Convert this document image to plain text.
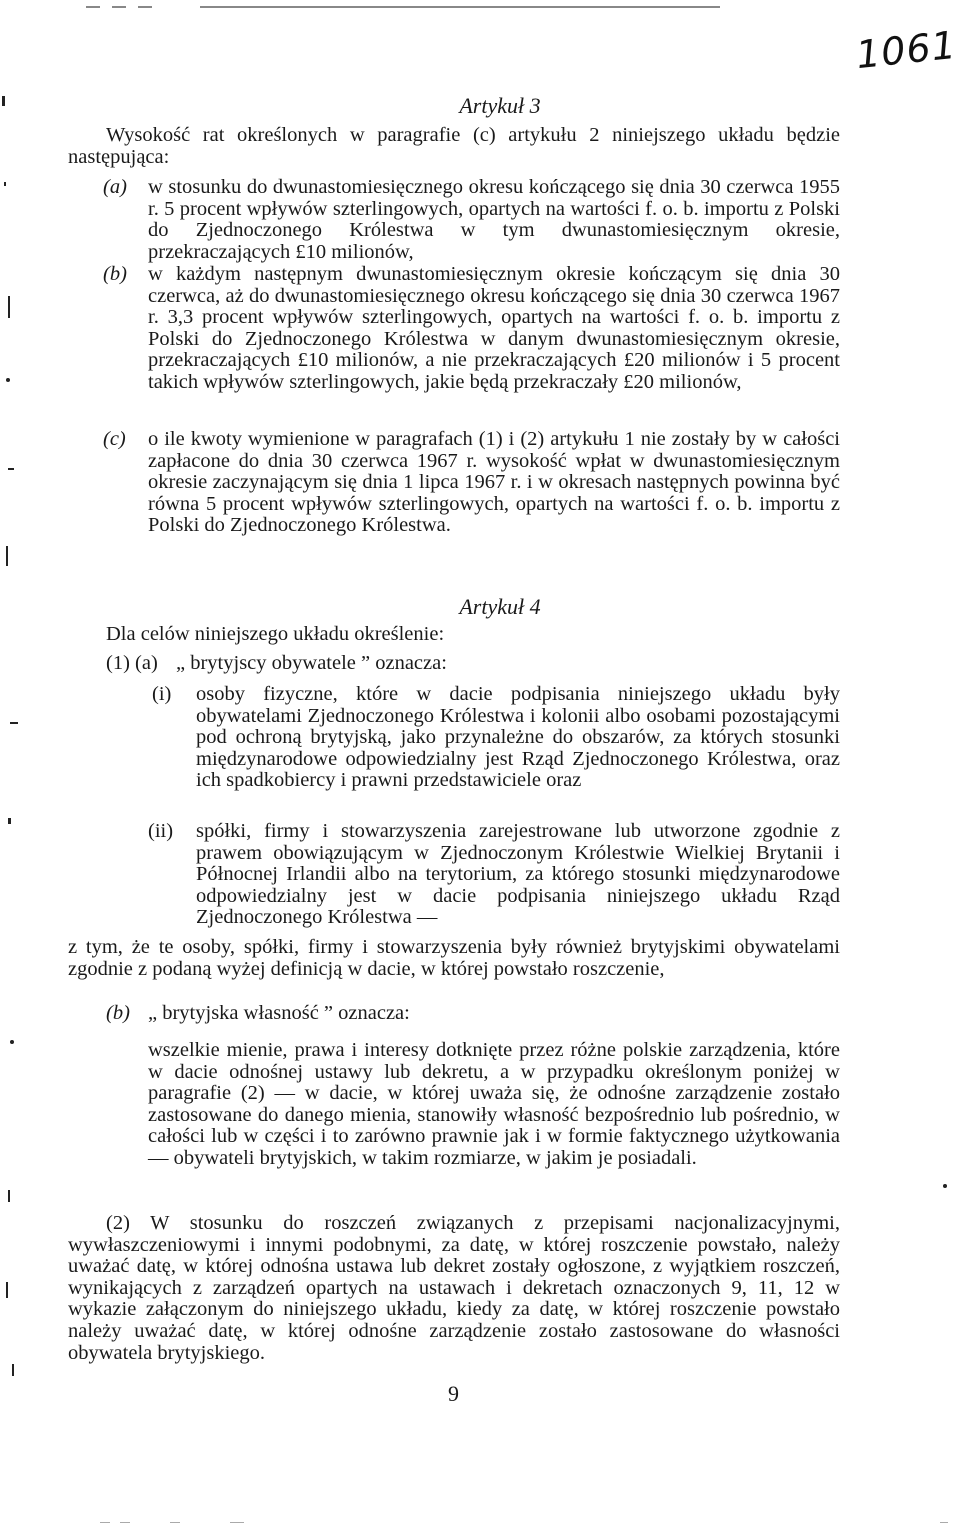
1061
Artykuł 3
Wysokość rat określonych w paragrafie (c) artykułu 2 niniejszego układu będzie następująca:
(a) w stosunku do dwunastomiesięcznego okresu kończącego się dnia 30 czerwca 1955 r. 5 procent wpływów szterlingowych, opartych na wartości f. o. b. importu z Polski do Zjednoczonego Królestwa w tym dwunastomiesięcznym okresie, przekraczających £10 milionów,
(b) w każdym następnym dwunastomiesięcznym okresie kończącym się dnia 30 czerwca, aż do dwunastomiesięcznego okresu kończącego się dnia 30 czerwca 1967 r. 3,3 procent wpływów szterlingowych, opartych na wartości f. o. b. importu z Polski do Zjednoczonego Królestwa w danym dwunastomiesięcznym okresie, przekraczających £10 milionów, a nie przekraczających £20 milionów i 5 procent takich wpływów szterlingowych, jakie będą przekraczały £20 milionów,
(c) o ile kwoty wymienione w paragrafach (1) i (2) artykułu 1 nie zostały by w całości zapłacone do dnia 30 czerwca 1967 r. wysokość wpłat w dwunastomiesięcznym okresie zaczynającym się dnia 1 lipca 1967 r. i w okresach następnych powinna być równa 5 procent wpływów szterlingowych, opartych na wartości f. o. b. importu z Polski do Zjednoczonego Królestwa.
Artykuł 4
Dla celów niniejszego układu określenie:
(1) (a) „ brytyjscy obywatele ” oznacza:
(i) osoby fizyczne, które w dacie podpisania niniejszego układu były obywatelami Zjednoczonego Królestwa i kolonii albo osobami pozostającymi pod ochroną brytyjską, jako przynależne do obszarów, za których stosunki międzynarodowe odpowiedzialny jest Rząd Zjednoczonego Królestwa, oraz ich spadkobiercy i prawni przedstawiciele oraz
(ii) spółki, firmy i stowarzyszenia zarejestrowane lub utworzone zgodnie z prawem obowiązującym w Zjednoczonym Królestwie Wielkiej Brytanii i Północnej Irlandii albo na terytorium, za którego stosunki międzynarodowe odpowiedzialny jest w dacie podpisania niniejszego układu Rząd Zjednoczonego Królestwa —
z tym, że te osoby, spółki, firmy i stowarzyszenia były również brytyjskimi obywatelami zgodnie z podaną wyżej definicją w dacie, w której powstało roszczenie,
(b) „ brytyjska własność ” oznacza:
wszelkie mienie, prawa i interesy dotknięte przez różne polskie zarządzenia, które w dacie odnośnej ustawy lub dekretu, a w przypadku określonym poniżej w paragrafie (2) — w dacie, w której uważa się, że odnośne zarządzenie zostało zastosowane do danego mienia, stanowiły własność bezpośrednio lub pośrednio, w całości lub w części i to zarówno prawnie jak i w formie faktycznego użytkowania — obywateli brytyjskich, w takim rozmiarze, w jakim je posiadali.
(2) W stosunku do roszczeń związanych z przepisami nacjonalizacyjnymi, wywłaszczeniowymi i innymi podobnymi, za datę, w której roszczenie powstało, należy uważać datę, w której odnośna ustawa lub dekret zostały ogłoszone, z wyjątkiem roszczeń, wynikających z zarządzeń opartych na ustawach i dekretach oznaczonych 9, 11, 12 w wykazie załączonym do niniejszego układu, kiedy za datę, w której roszczenie powstało należy uważać datę, w której odnośne zarządzenie zostało zastosowane do własności obywatela brytyjskiego.
9
